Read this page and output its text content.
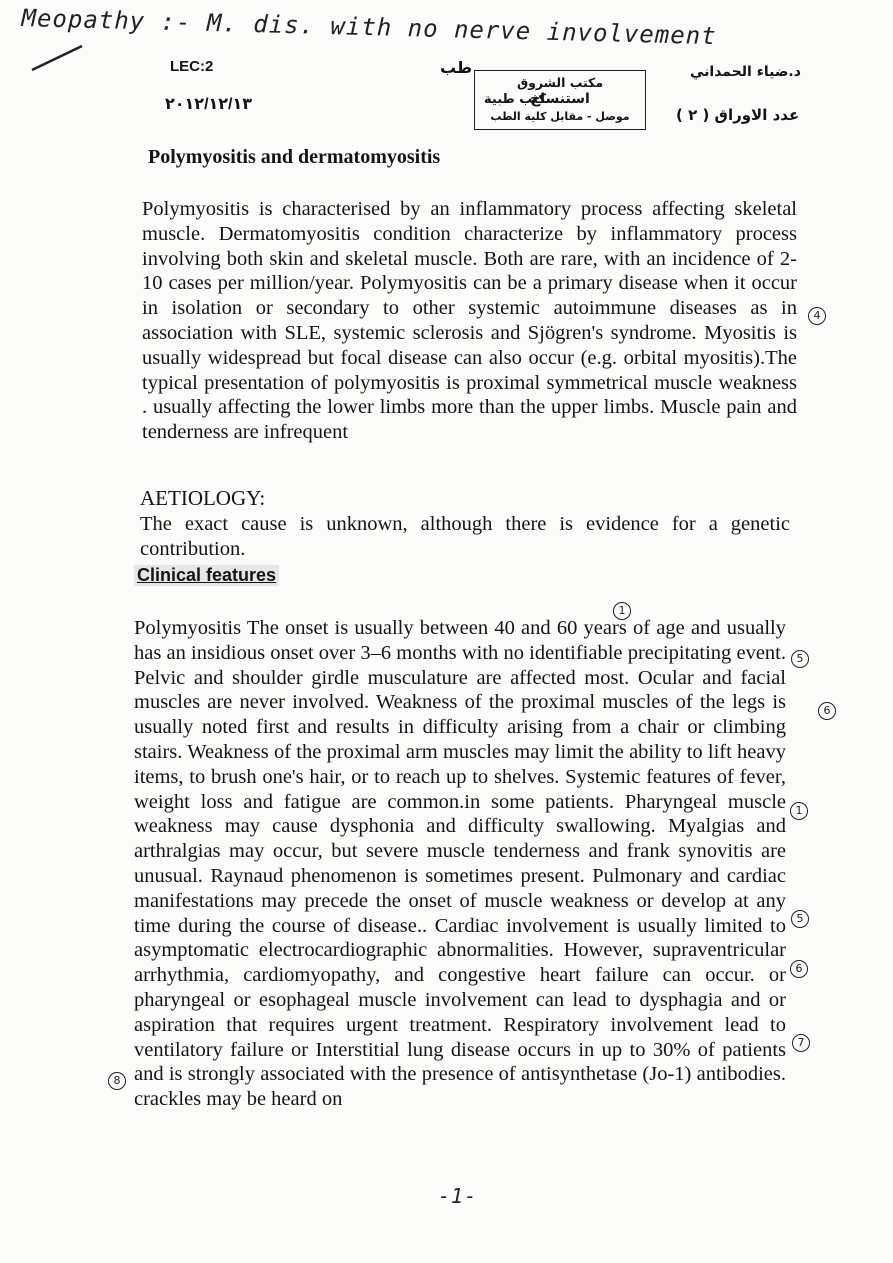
Meopathy :- M. dis. with no nerve involvement
LEC:2
٢٠١٢/١٢/١٣
طب
مكتب الشروق
استنساخ
موصل - مقابل كلية الطب
كتب طبية
د.ضياء الحمداني
عدد الاوراق ( ٢ )
Polymyositis and dermatomyositis
Polymyositis is characterised by an inflammatory process affecting skeletal muscle. Dermatomyositis condition characterize by inflammatory process involving both skin and skeletal muscle. Both are rare, with an incidence of 2-10 cases per million/year. Polymyositis can be a primary disease when it occur in isolation or secondary to other systemic autoimmune diseases as in association with SLE, systemic sclerosis and Sjögren's syndrome. Myositis is usually widespread but focal disease can also occur (e.g. orbital myositis).The typical presentation of polymyositis is proximal symmetrical muscle weakness . usually affecting the lower limbs more than the upper limbs. Muscle pain and tenderness are infrequent
AETIOLOGY:
The exact cause is unknown, although there is evidence for a genetic contribution.
Clinical features
Polymyositis The onset is usually between 40 and 60 years of age and usually has an insidious onset over 3–6 months with no identifiable precipitating event. Pelvic and shoulder girdle musculature are affected most. Ocular and facial muscles are never involved. Weakness of the proximal muscles of the legs is usually noted first and results in difficulty arising from a chair or climbing stairs. Weakness of the proximal arm muscles may limit the ability to lift heavy items, to brush one's hair, or to reach up to shelves. Systemic features of fever, weight loss and fatigue are common.in some patients. Pharyngeal muscle weakness may cause dysphonia and difficulty swallowing. Myalgias and arthralgias may occur, but severe muscle tenderness and frank synovitis are unusual. Raynaud phenomenon is sometimes present. Pulmonary and cardiac manifestations may precede the onset of muscle weakness or develop at any time during the course of disease.. Cardiac involvement is usually limited to asymptomatic electrocardiographic abnormalities. However, supraventricular arrhythmia, cardiomyopathy, and congestive heart failure can occur. or pharyngeal or esophageal muscle involvement can lead to dysphagia and or aspiration that requires urgent treatment. Respiratory involvement lead to ventilatory failure or Interstitial lung disease occurs in up to 30% of patients and is strongly associated with the presence of antisynthetase (Jo-1) antibodies. crackles may be heard on
1
5
6
1
5
6
7
8
4
-1-
